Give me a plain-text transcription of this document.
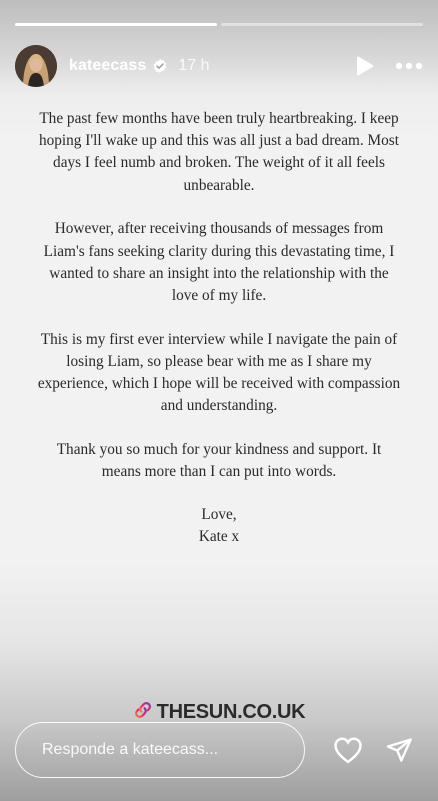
kateecass 17 h

The past few months have been truly heartbreaking. I keep hoping I'll wake up and this was all just a bad dream. Most days I feel numb and broken. The weight of it all feels unbearable.

However, after receiving thousands of messages from Liam's fans seeking clarity during this devastating time, I wanted to share an insight into the relationship with the love of my life.

This is my first ever interview while I navigate the pain of losing Liam, so please bear with me as I share my experience, which I hope will be received with compassion and understanding.

Thank you so much for your kindness and support. It means more than I can put into words.

Love,
Kate x

THESUN.CO.UK
Responde a kateecass...
